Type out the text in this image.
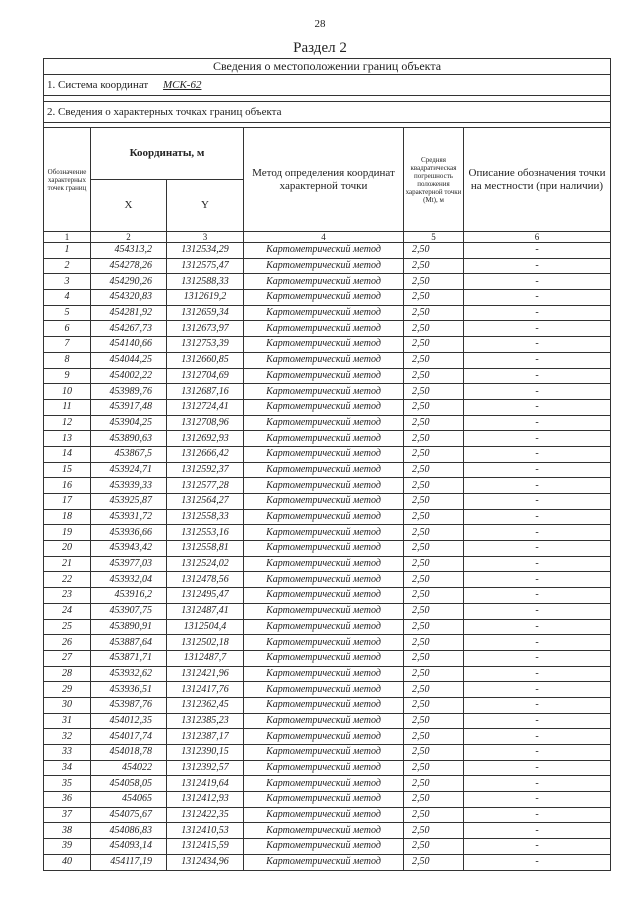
28
Раздел 2
Сведения о местоположении границ объекта					
1. Система координат МСК-62					

2. Сведения о характерных точках границ объекта					

Обозначение характерных точек границ	Координаты, м		Метод определения координат характерной точки	Средняя квадратическая погрешность положения характерной точки (Mt), м	Описание обозначения точки на местности (при наличии)
	X	Y			
1	2	3	4	5	6
1	454313,2	1312534,29	Картометрический метод	2,50	-
2	454278,26	1312575,47	Картометрический метод	2,50	-
3	454290,26	1312588,33	Картометрический метод	2,50	-
4	454320,83	1312619,2	Картометрический метод	2,50	-
5	454281,92	1312659,34	Картометрический метод	2,50	-
6	454267,73	1312673,97	Картометрический метод	2,50	-
7	454140,66	1312753,39	Картометрический метод	2,50	-
8	454044,25	1312660,85	Картометрический метод	2,50	-
9	454002,22	1312704,69	Картометрический метод	2,50	-
10	453989,76	1312687,16	Картометрический метод	2,50	-
11	453917,48	1312724,41	Картометрический метод	2,50	-
12	453904,25	1312708,96	Картометрический метод	2,50	-
13	453890,63	1312692,93	Картометрический метод	2,50	-
14	453867,5	1312666,42	Картометрический метод	2,50	-
15	453924,71	1312592,37	Картометрический метод	2,50	-
16	453939,33	1312577,28	Картометрический метод	2,50	-
17	453925,87	1312564,27	Картометрический метод	2,50	-
18	453931,72	1312558,33	Картометрический метод	2,50	-
19	453936,66	1312553,16	Картометрический метод	2,50	-
20	453943,42	1312558,81	Картометрический метод	2,50	-
21	453977,03	1312524,02	Картометрический метод	2,50	-
22	453932,04	1312478,56	Картометрический метод	2,50	-
23	453916,2	1312495,47	Картометрический метод	2,50	-
24	453907,75	1312487,41	Картометрический метод	2,50	-
25	453890,91	1312504,4	Картометрический метод	2,50	-
26	453887,64	1312502,18	Картометрический метод	2,50	-
27	453871,71	1312487,7	Картометрический метод	2,50	-
28	453932,62	1312421,96	Картометрический метод	2,50	-
29	453936,51	1312417,76	Картометрический метод	2,50	-
30	453987,76	1312362,45	Картометрический метод	2,50	-
31	454012,35	1312385,23	Картометрический метод	2,50	-
32	454017,74	1312387,17	Картометрический метод	2,50	-
33	454018,78	1312390,15	Картометрический метод	2,50	-
34	454022	1312392,57	Картометрический метод	2,50	-
35	454058,05	1312419,64	Картометрический метод	2,50	-
36	454065	1312412,93	Картометрический метод	2,50	-
37	454075,67	1312422,35	Картометрический метод	2,50	-
38	454086,83	1312410,53	Картометрический метод	2,50	-
39	454093,14	1312415,59	Картометрический метод	2,50	-
40	454117,19	1312434,96	Картометрический метод	2,50	-
